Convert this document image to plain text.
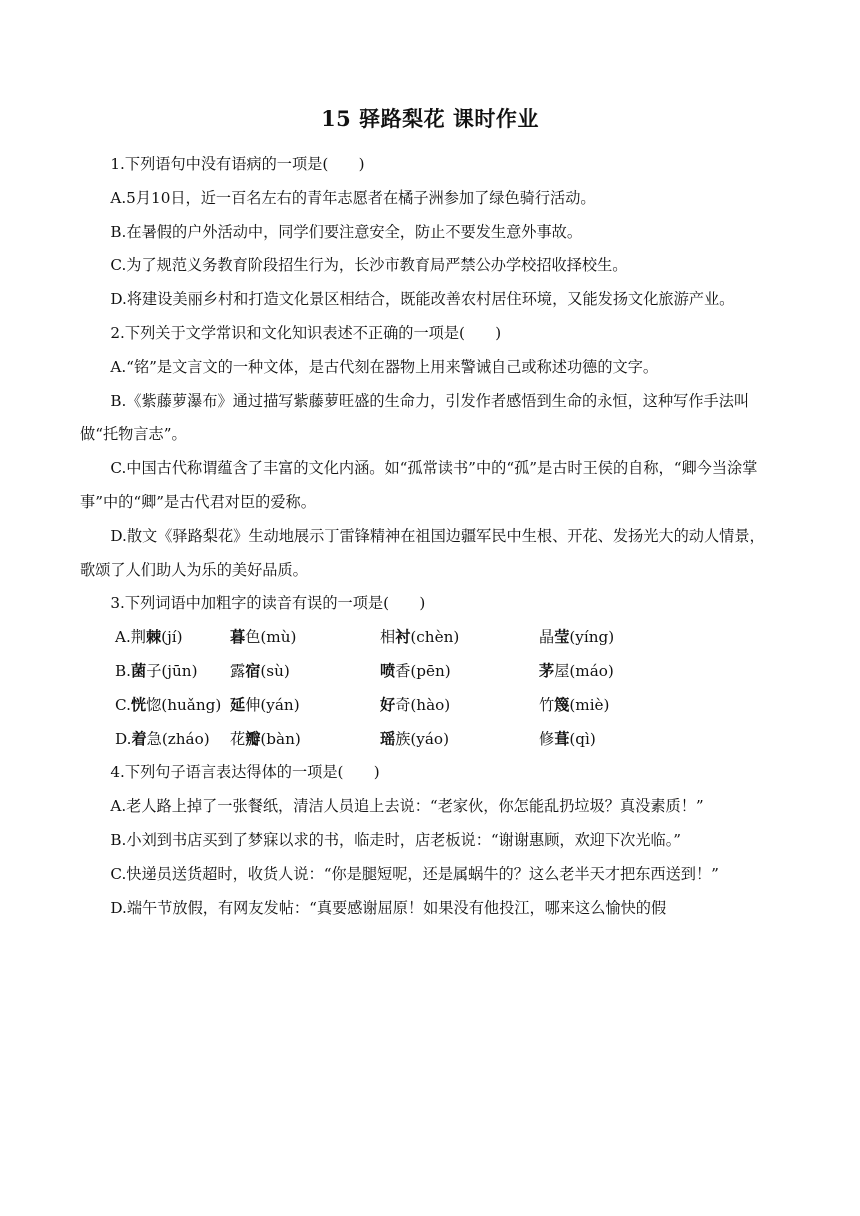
15 驿路梨花 课时作业

1.下列语句中没有语病的一项是(　　)

A.5月10日，近一百名左右的青年志愿者在橘子洲参加了绿色骑行活动。

B.在暑假的户外活动中，同学们要注意安全，防止不要发生意外事故。

C.为了规范义务教育阶段招生行为，长沙市教育局严禁公办学校招收择校生。

D.将建设美丽乡村和打造文化景区相结合，既能改善农村居住环境，又能发扬文化旅游产业。

2.下列关于文学常识和文化知识表述不正确的一项是(　　)

A.“铭”是文言文的一种文体，是古代刻在器物上用来警诫自己或称述功德的文字。

B.《紫藤萝瀑布》通过描写紫藤萝旺盛的生命力，引发作者感悟到生命的永恒，这种写作手法叫做“托物言志”。

C.中国古代称谓蕴含了丰富的文化内涵。如“孤常读书”中的“孤”是古时王侯的自称，“卿今当涂掌事”中的“卿”是古代君对臣的爱称。

D.散文《驿路梨花》生动地展示丁雷锋精神在祖国边疆军民中生根、开花、发扬光大的动人情景，歌颂了人们助人为乐的美好品质。

3.下列词语中加粗字的读音有误的一项是(　　)

A.荆棘(jí)	暮色(mù)	相衬(chèn)	晶莹(yíng)
B.菌子(jūn)	露宿(sù)	喷香(pēn)	茅屋(máo)
C.恍惚(huǎng) 延伸(yán)	好奇(hào)	竹篾(miè)
D.着急(zháo)	花瓣(bàn)	瑶族(yáo)	修葺(qì)

4.下列句子语言表达得体的一项是(　　)

A.老人路上掉了一张餐纸，清洁人员追上去说：“老家伙，你怎能乱扔垃圾？真没素质！”

B.小刘到书店买到了梦寐以求的书，临走时，店老板说：“谢谢惠顾，欢迎下次光临。”

C.快递员送货超时，收货人说：“你是腿短呢，还是属蜗牛的？这么老半天才把东西送到！”

D.端午节放假，有网友发帖：“真要感谢屈原！如果没有他投江，哪来这么愉快的假
